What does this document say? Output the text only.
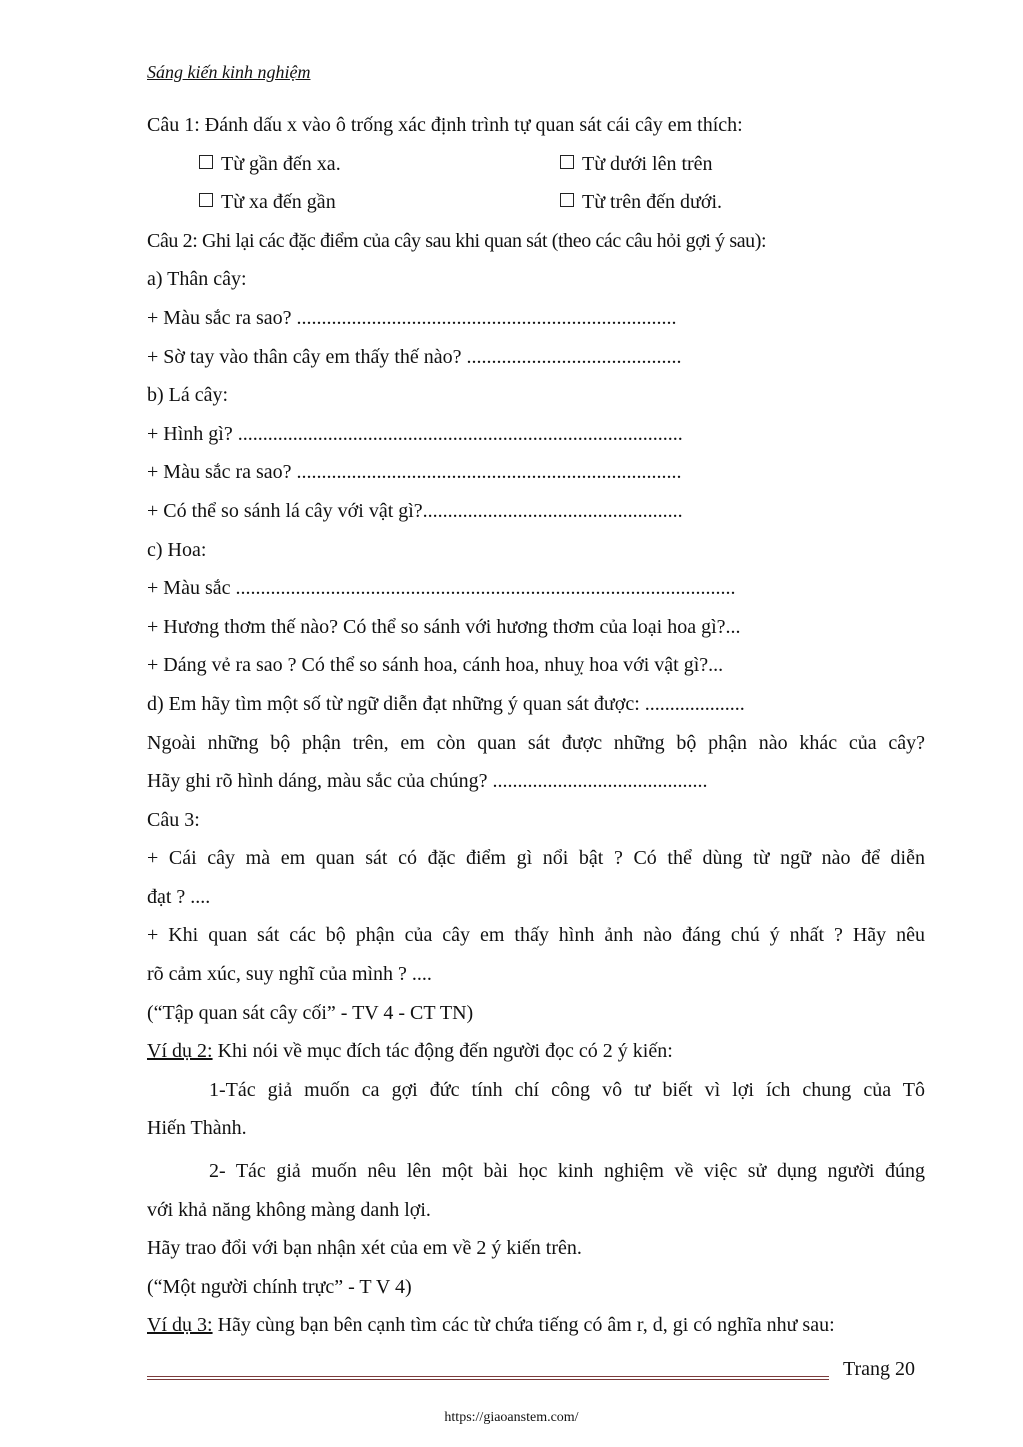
Sáng kiến kinh nghiệm
Câu 1: Đánh dấu x vào ô trống xác định trình tự quan sát cái cây em thích:
Từ gần đến xa.	Từ dưới lên trên
Từ xa đến gần	Từ trên đến dưới.
Câu 2: Ghi lại các đặc điểm của cây sau khi quan sát (theo các câu hỏi gợi ý sau):
a) Thân cây:
+ Màu sắc ra sao? ............................................................................
+ Sờ tay vào thân cây em thấy thế nào? ...........................................
b) Lá cây:
+ Hình gì? .........................................................................................
+ Màu sắc ra sao? .............................................................................
+ Có thể so sánh lá cây với vật gì?....................................................
c) Hoa:
+ Màu sắc ....................................................................................................
+ Hương thơm thế nào? Có thể so sánh với hương thơm của loại hoa gì?...
+ Dáng vẻ ra sao ? Có thể so sánh hoa, cánh hoa, nhuỵ hoa với vật gì?...
d) Em hãy tìm một số từ ngữ diễn đạt những ý quan sát được: ....................
Ngoài những bộ phận trên, em còn quan sát được những bộ phận nào khác của cây?
Hãy ghi rõ hình dáng, màu sắc của chúng? ...........................................
Câu 3:
+ Cái cây mà em quan sát có đặc điểm gì nổi bật ? Có thể dùng từ ngữ nào để diễn
đạt ? ....
+ Khi quan sát các bộ phận của cây em thấy hình ảnh nào đáng chú ý nhất ? Hãy nêu
rõ cảm xúc, suy nghĩ của mình ? ....
(“Tập quan sát cây cối” - TV 4 - CT TN)
Ví dụ 2: Khi nói về mục đích tác động đến người đọc có 2 ý kiến:
1-Tác giả muốn ca gợi đức tính chí công vô tư biết vì lợi ích chung của Tô
Hiến Thành.
2- Tác giả muốn nêu lên một bài học kinh nghiệm về việc sử dụng người đúng
với khả năng không màng danh lợi.
Hãy trao đổi với bạn nhận xét của em về 2 ý kiến trên.
(“Một người chính trực” - T V 4)
Ví dụ 3: Hãy cùng bạn bên cạnh tìm các từ chứa tiếng có âm r, d, gi có nghĩa như sau:
Trang 20
https://giaoanstem.com/
